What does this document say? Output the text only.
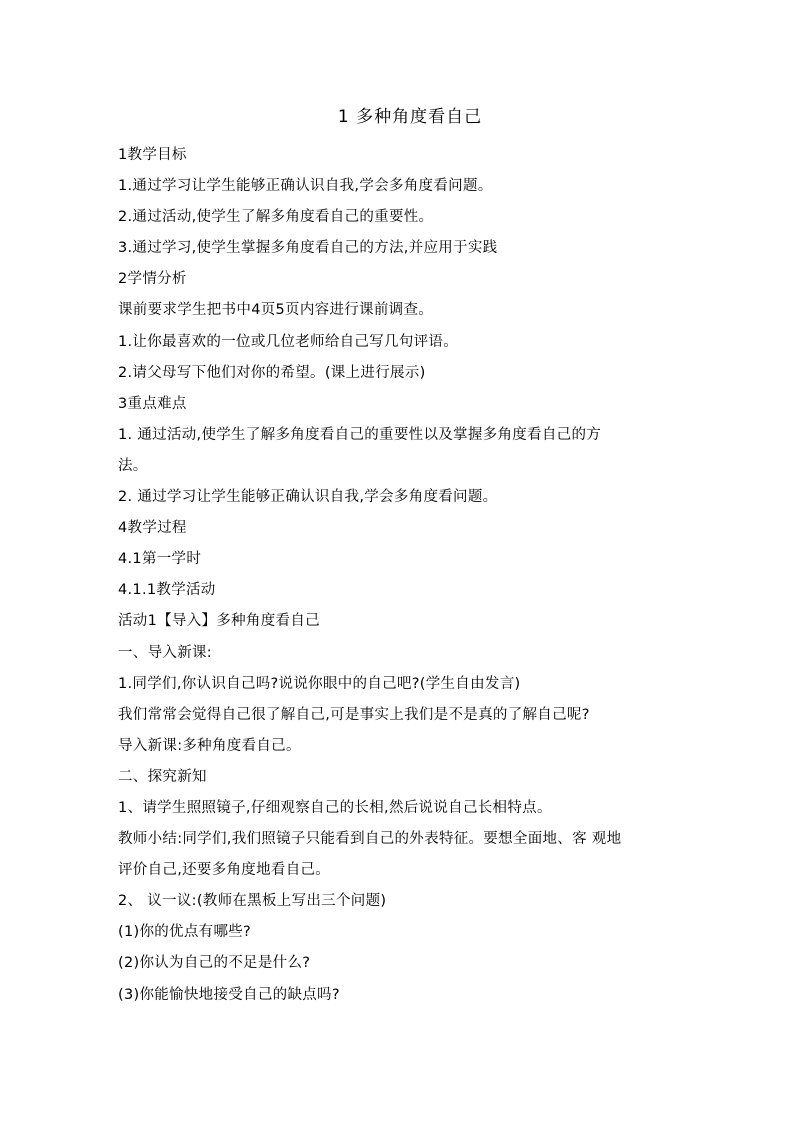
1 多种角度看自己
1教学目标
1.通过学习让学生能够正确认识自我,学会多角度看问题。
2.通过活动,使学生了解多角度看自己的重要性。
3.通过学习,使学生掌握多角度看自己的方法,并应用于实践
2学情分析
课前要求学生把书中4页5页内容进行课前调查。
1.让你最喜欢的一位或几位老师给自己写几句评语。
2.请父母写下他们对你的希望。(课上进行展示)
3重点难点
1. 通过活动,使学生了解多角度看自己的重要性以及掌握多角度看自己的方
法。
2. 通过学习让学生能够正确认识自我,学会多角度看问题。
4教学过程
4.1第一学时
4.1.1教学活动
活动1【导入】多种角度看自己
一、导入新课:
1.同学们,你认识自己吗?说说你眼中的自己吧?(学生自由发言)
我们常常会觉得自己很了解自己,可是事实上我们是不是真的了解自己呢?
导入新课:多种角度看自己。
二、探究新知
1、请学生照照镜子,仔细观察自己的长相,然后说说自己长相特点。
教师小结:同学们,我们照镜子只能看到自己的外表特征。要想全面地、客 观地
评价自己,还要多角度地看自己。
2、 议一议:(教师在黑板上写出三个问题)
(1)你的优点有哪些?
(2)你认为自己的不足是什么?
(3)你能愉快地接受自己的缺点吗?
